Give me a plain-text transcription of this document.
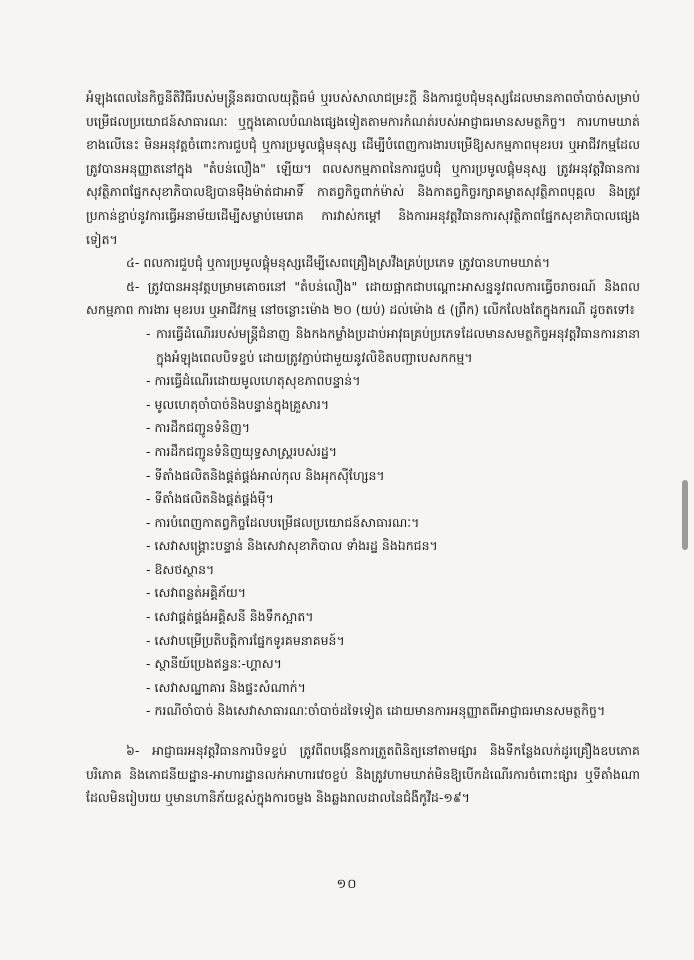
អំឡុងពេលនៃកិច្ចនីតិវិធីរបស់មន្ត្រីនគរបាលយុត្តិធម៌ ឬរបស់សាលាជម្រះក្តី និងការជួបជុំមនុស្សដែលមានភាពចាំបាច់សម្រាប់បម្រើផលប្រយោជន៍សាធារណៈ ឬក្នុងគោលបំណងផ្សេងទៀតតាមការកំណត់របស់អាជ្ញាធរមានសមត្ថកិច្ច។ ការហាមឃាត់ខាងលើនេះ មិនអនុវត្តចំពោះការជួបជុំ ឬការប្រមូលផ្តុំមនុស្ស ដើម្បីបំពេញការងារបម្រើឱ្យសកម្មភាពមុខរបរ ឬអាជីវកម្មដែលត្រូវបានអនុញ្ញាតនៅក្នុង "តំបន់លឿង" ឡើយ។ ពលសកម្មភាពនៃការជួបជុំ ឬការប្រមូលផ្តុំមនុស្ស ត្រូវអនុវត្តវិធានការសុវត្ថិភាពផ្នែកសុខាភិបាលឱ្យបានម៉ឺងម៉ាត់ជាអាទិ៍ កាតព្វកិច្ចពាក់ម៉ាស់ និងកាតព្វកិច្ចរក្សាគម្លាតសុវត្ថិភាពបុគ្គល និងត្រូវប្រកាន់ខ្ជាប់នូវការធ្វើអនាម័យដើម្បីសម្លាប់មេរោគ ការវាស់កម្តៅ និងការអនុវត្តវិធានការសុវត្ថិភាពផ្នែកសុខាភិបាលផ្សេងទៀត។

៤- ពលការជួបជុំ ឬការប្រមូលផ្តុំមនុស្សដើម្បីសេពគ្រឿងស្រវឹងគ្រប់ប្រភេទ ត្រូវបានហាមឃាត់។

៥- ត្រូវបានអនុវត្តបម្រាមគោចរនៅ "តំបន់លឿង" ដោយផ្អាកជាបណ្តោះអាសន្ននូវពលការធ្វើចរាចរណ៍ និងពលសកម្មភាព ការងារ មុខរបរ ឬអាជីវកម្ម នៅចន្លោះម៉ោង ២០ (យប់) ដល់ម៉ោង ៥ (ព្រឹក) លើកលែងតែក្នុងករណី ដូចតទៅ៖

- ការធ្វើដំណើររបស់មន្ត្រីជំនាញ និងកងកម្លាំងប្រដាប់អាវុធគ្រប់ប្រភេទដែលមានសមត្ថកិច្ចអនុវត្តវិធានការនានាក្នុងអំឡុងពេលបិទខ្ទប់ ដោយត្រូវភ្ជាប់ជាមួយនូវលិខិតបញ្ជាបេសកកម្ម។
- ការធ្វើដំណើរដោយមូលហេតុសុខភាពបន្ទាន់។
- មូលហេតុចាំបាច់និងបន្ទាន់ក្នុងគ្រួសារ។
- ការដឹកជញ្ជូនទំនិញ។
- ការដឹកជញ្ជូនទំនិញយុទ្ធសាស្ត្ររបស់រដ្ឋ។
- ទីតាំងផលិតនិងផ្គត់ផ្គង់អាល់កុល និងអុកស៊ីហ្សែន។
- ទីតាំងផលិតនិងផ្គត់ផ្គង់ម៉ី។
- ការបំពេញកាតព្វកិច្ចដែលបម្រើផលប្រយោជន៍សាធារណៈ។
- សេវាសង្គ្រោះបន្ទាន់ និងសេវាសុខាភិបាល ទាំងរដ្ឋ និងឯកជន។
- ឱសថស្ថាន។
- សេវាពន្លត់អគ្គិភ័យ។
- សេវាផ្គត់ផ្គង់អគ្គិសនី និងទឹកស្អាត។
- សេវាបម្រើប្រតិបត្តិការផ្នែកទូរគមនាគមន៍។
- ស្ថានីយ៍ប្រេងឥន្ធនៈ-ហ្គាស។
- សេវាសណ្ឋាគារ និងផ្ទះសំណាក់។
- ករណីចាំបាច់ និងសេវាសាធារណៈចាំបាច់ដទៃទៀត ដោយមានការអនុញ្ញាតពីអាជ្ញាធរមានសមត្ថកិច្ច។

៦- អាជ្ញាធរអនុវត្តវិធានការបិទខ្ទប់ ត្រូវពីពបង្កើនការត្រួតពិនិត្យនៅតាមផ្សារ និងទីកន្លែងលក់ដូរគ្រឿងឧបភោគបរិភោគ និងភោជនីយដ្ឋាន-អាហារដ្ឋានលក់អាហារវេចខ្ចប់ និងត្រូវហាមឃាត់មិនឱ្យបើកដំណើរការចំពោះផ្សារ ឬទីតាំងណាដែលមិនរៀបរយ ឬមានហានិភ័យខ្ពស់ក្នុងការចម្លង និងឆ្លងរាលដាលនៃជំងឺកូវីដ-១៩។

១០
